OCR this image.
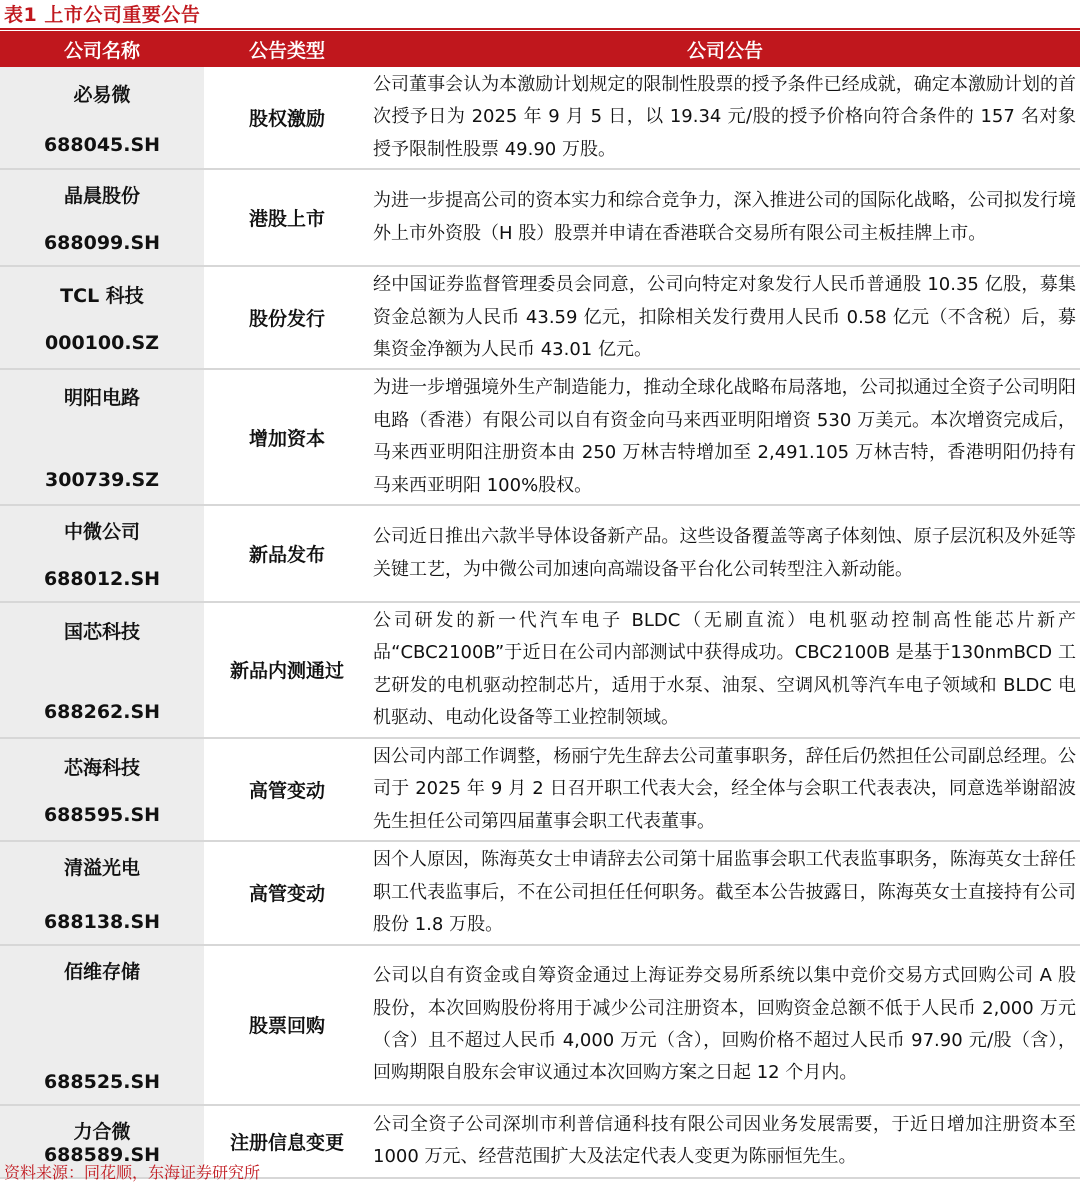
表1 上市公司重要公告
公司名称	公告类型	公司公告

必易微
688045.SH	股权激励	公司董事会认为本激励计划规定的限制性股票的授予条件已经成就，确定本激励计划的首次授予日为 2025 年 9 月 5 日，以 19.34 元/股的授予价格向符合条件的 157 名对象授予限制性股票 49.90 万股。

晶晨股份
688099.SH	港股上市	为进一步提高公司的资本实力和综合竞争力，深入推进公司的国际化战略，公司拟发行境外上市外资股（H 股）股票并申请在香港联合交易所有限公司主板挂牌上市。

TCL 科技
000100.SZ	股份发行	经中国证券监督管理委员会同意，公司向特定对象发行人民币普通股 10.35 亿股，募集资金总额为人民币 43.59 亿元，扣除相关发行费用人民币 0.58 亿元（不含税）后，募集资金净额为人民币 43.01 亿元。

明阳电路
300739.SZ	增加资本	为进一步增强境外生产制造能力，推动全球化战略布局落地，公司拟通过全资子公司明阳电路（香港）有限公司以自有资金向马来西亚明阳增资 530 万美元。本次增资完成后，马来西亚明阳注册资本由 250 万林吉特增加至 2,491.105 万林吉特，香港明阳仍持有马来西亚明阳 100%股权。

中微公司
688012.SH	新品发布	公司近日推出六款半导体设备新产品。这些设备覆盖等离子体刻蚀、原子层沉积及外延等关键工艺，为中微公司加速向高端设备平台化公司转型注入新动能。

国芯科技
688262.SH	新品内测通过	公司研发的新一代汽车电子 BLDC（无刷直流）电机驱动控制高性能芯片新产品“CBC2100B”于近日在公司内部测试中获得成功。CBC2100B 是基于130nmBCD 工艺研发的电机驱动控制芯片，适用于水泵、油泵、空调风机等汽车电子领域和 BLDC 电机驱动、电动化设备等工业控制领域。

芯海科技
688595.SH	高管变动	因公司内部工作调整，杨丽宁先生辞去公司董事职务，辞任后仍然担任公司副总经理。公司于 2025 年 9 月 2 日召开职工代表大会，经全体与会职工代表表决，同意选举谢韶波先生担任公司第四届董事会职工代表董事。

清溢光电
688138.SH	高管变动	因个人原因，陈海英女士申请辞去公司第十届监事会职工代表监事职务，陈海英女士辞任职工代表监事后，不在公司担任任何职务。截至本公告披露日，陈海英女士直接持有公司股份 1.8 万股。

佰维存储
688525.SH	股票回购	公司以自有资金或自筹资金通过上海证券交易所系统以集中竞价交易方式回购公司 A 股股份，本次回购股份将用于减少公司注册资本，回购资金总额不低于人民币 2,000 万元（含）且不超过人民币 4,000 万元（含），回购价格不超过人民币 97.90 元/股（含），回购期限自股东会审议通过本次回购方案之日起 12 个月内。

力合微
688589.SH	注册信息变更	公司全资子公司深圳市利普信通科技有限公司因业务发展需要，于近日增加注册资本至 1000 万元、经营范围扩大及法定代表人变更为陈丽恒先生。
资料来源：同花顺，东海证券研究所
